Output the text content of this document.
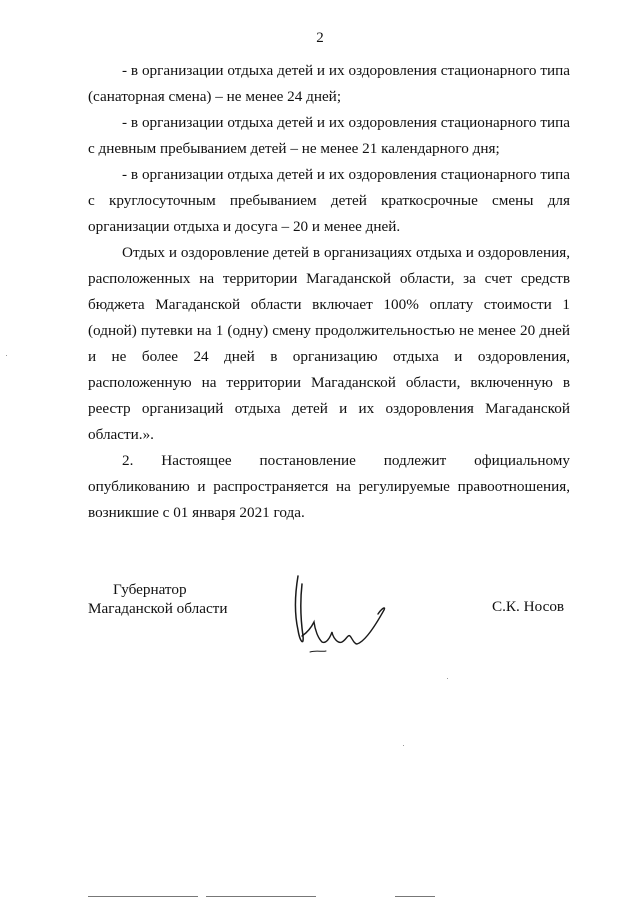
2

- в организации отдыха детей и их оздоровления стационарного типа (санаторная смена) – не менее 24 дней;

- в организации отдыха детей и их оздоровления стационарного типа с дневным пребыванием детей – не менее 21 календарного дня;

- в организации отдыха детей и их оздоровления стационарного типа с круглосуточным пребыванием детей краткосрочные смены для организации отдыха и досуга – 20 и менее дней.

Отдых и оздоровление детей в организациях отдыха и оздоровления, расположенных на территории Магаданской области, за счет средств бюджета Магаданской области включает 100% оплату стоимости 1 (одной) путевки на 1 (одну) смену продолжительностью не менее 20 дней и не более 24 дней в организацию отдыха и оздоровления, расположенную на территории Магаданской области, включенную в реестр организаций отдыха детей и их оздоровления Магаданской области.».

2. Настоящее постановление подлежит официальному опубликованию и распространяется на регулируемые правоотношения, возникшие с 01 января 2021 года.

Губернатор
Магаданской области	С.К. Носов
